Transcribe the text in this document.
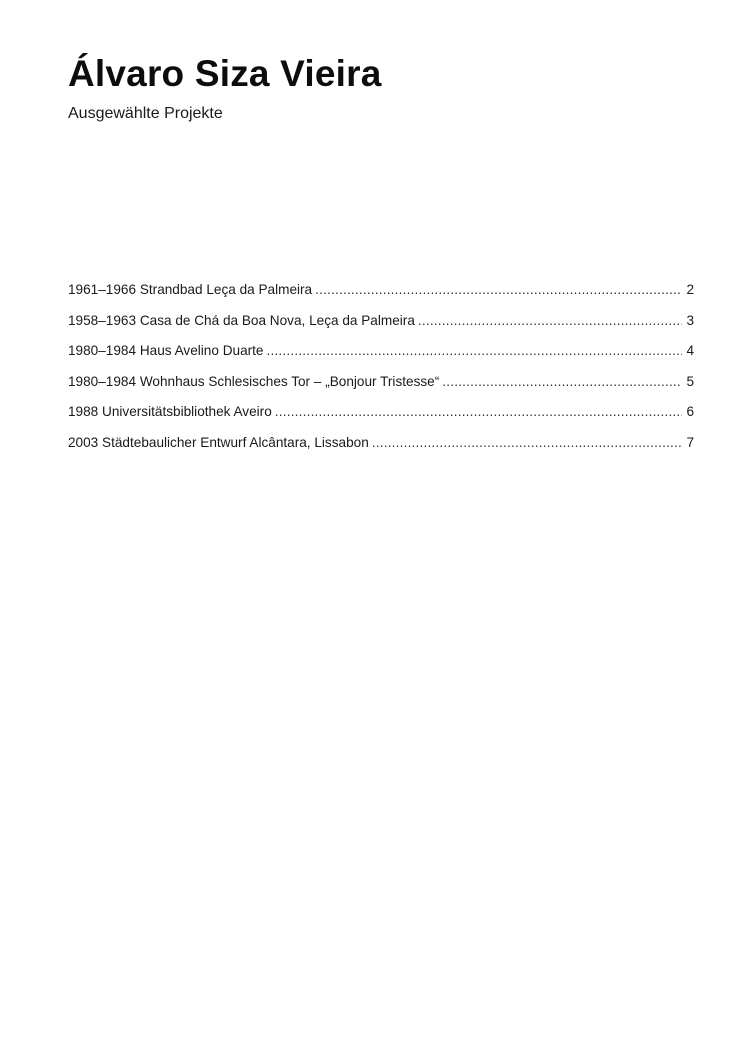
Álvaro Siza Vieira

Ausgewählte Projekte

1961–1966 Strandbad Leça da Palmeira .....	2
1958–1963 Casa de Chá da Boa Nova, Leça da Palmeira .....	3
1980–1984 Haus Avelino Duarte .....	4
1980–1984 Wohnhaus Schlesisches Tor – „Bonjour Tristesse“ .....	5
1988 Universitätsbibliothek Aveiro .....	6
2003 Städtebaulicher Entwurf Alcântara, Lissabon .....	7
